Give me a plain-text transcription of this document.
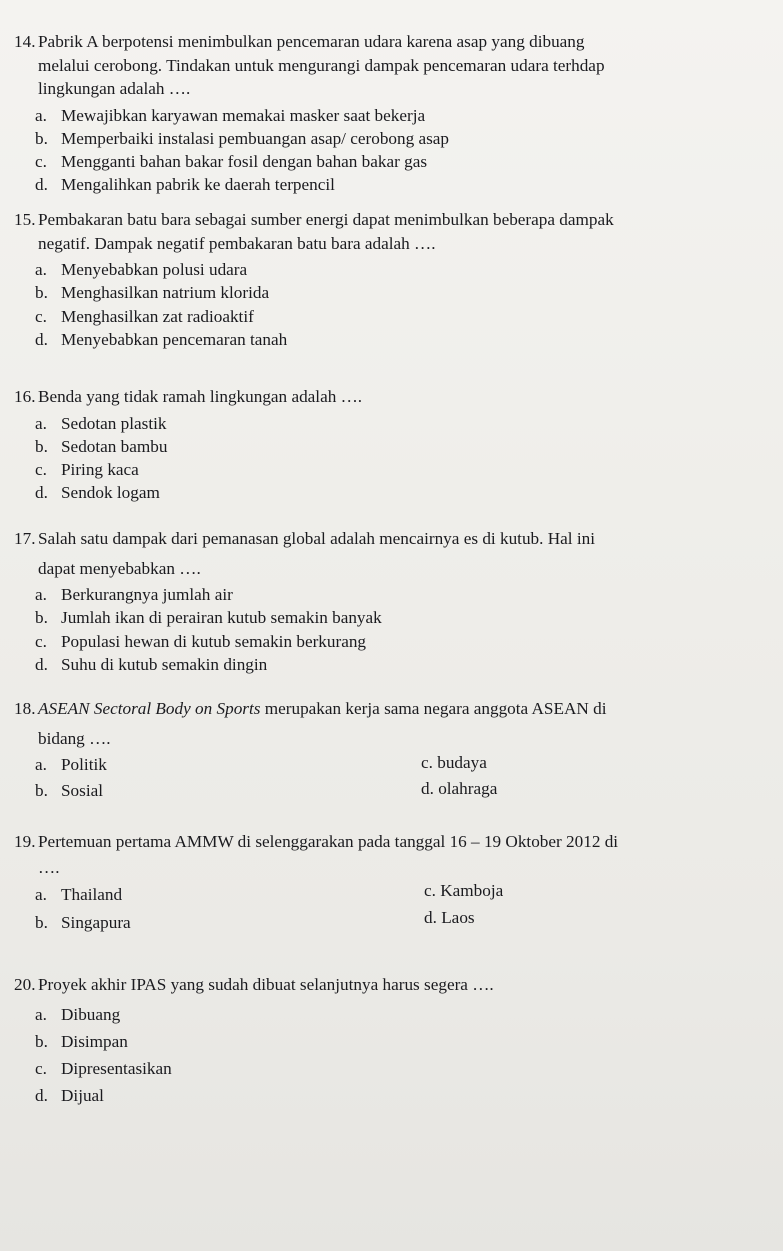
14. Pabrik A berpotensi menimbulkan pencemaran udara karena asap yang dibuang
melalui cerobong. Tindakan untuk mengurangi dampak pencemaran udara terhdap
lingkungan adalah ….
a. Mewajibkan karyawan memakai masker saat bekerja
b. Memperbaiki instalasi pembuangan asap/ cerobong asap
c. Mengganti bahan bakar fosil dengan bahan bakar gas
d. Mengalihkan pabrik ke daerah terpencil
15. Pembakaran batu bara sebagai sumber energi dapat menimbulkan beberapa dampak
negatif. Dampak negatif pembakaran batu bara adalah ….
a. Menyebabkan polusi udara
b. Menghasilkan natrium klorida
c. Menghasilkan zat radioaktif
d. Menyebabkan pencemaran tanah
16. Benda yang tidak ramah lingkungan adalah ….
a. Sedotan plastik
b. Sedotan bambu
c. Piring kaca
d. Sendok logam
17. Salah satu dampak dari pemanasan global adalah mencairnya es di kutub. Hal ini
dapat menyebabkan ….
a. Berkurangnya jumlah air
b. Jumlah ikan di perairan kutub semakin banyak
c. Populasi hewan di kutub semakin berkurang
d. Suhu di kutub semakin dingin
18. ASEAN Sectoral Body on Sports merupakan kerja sama negara anggota ASEAN di
bidang ….
a. Politik
b. Sosial
c. budaya
d. olahraga
19. Pertemuan pertama AMMW di selenggarakan pada tanggal 16 – 19 Oktober 2012 di
….
a. Thailand
b. Singapura
c. Kamboja
d. Laos
20. Proyek akhir IPAS yang sudah dibuat selanjutnya harus segera ….
a. Dibuang
b. Disimpan
c. Dipresentasikan
d. Dijual
